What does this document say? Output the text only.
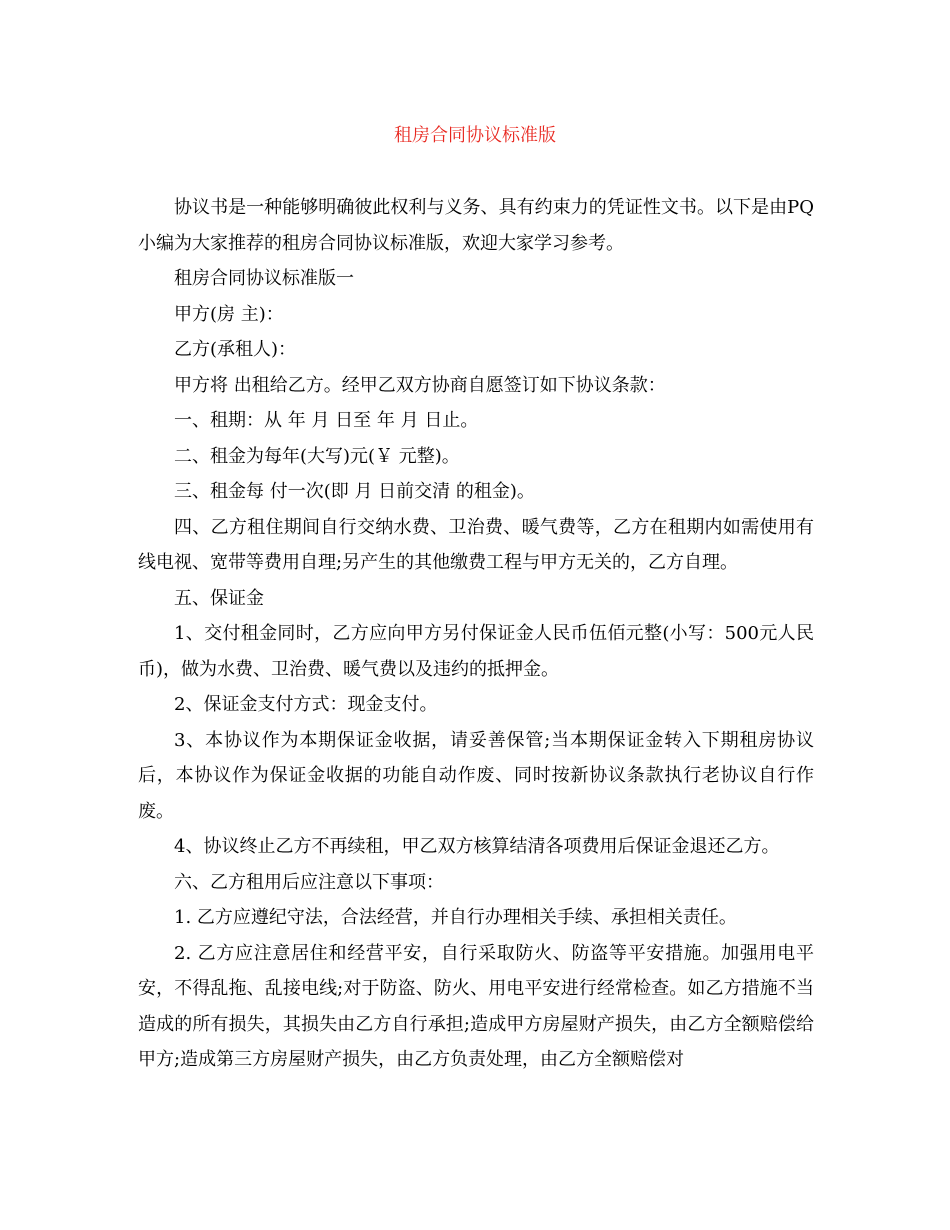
租房合同协议标准版

协议书是一种能够明确彼此权利与义务、具有约束力的凭证性文书。以下是由PQ小编为大家推荐的租房合同协议标准版，欢迎大家学习参考。

租房合同协议标准版一

甲方(房 主)：

乙方(承租人)：

甲方将 出租给乙方。经甲乙双方协商自愿签订如下协议条款：

一、租期：从 年 月 日至 年 月 日止。

二、租金为每年(大写)元(￥ 元整)。

三、租金每 付一次(即 月 日前交清 的租金)。

四、乙方租住期间自行交纳水费、卫治费、暖气费等，乙方在租期内如需使用有线电视、宽带等费用自理;另产生的其他缴费工程与甲方无关的，乙方自理。

五、保证金

1、交付租金同时，乙方应向甲方另付保证金人民币伍佰元整(小写：500元人民币)，做为水费、卫治费、暖气费以及违约的抵押金。

2、保证金支付方式：现金支付。

3、本协议作为本期保证金收据，请妥善保管;当本期保证金转入下期租房协议后，本协议作为保证金收据的功能自动作废、同时按新协议条款执行老协议自行作废。

4、协议终止乙方不再续租，甲乙双方核算结清各项费用后保证金退还乙方。

六、乙方租用后应注意以下事项：

1. 乙方应遵纪守法，合法经营，并自行办理相关手续、承担相关责任。

2. 乙方应注意居住和经营平安，自行采取防火、防盗等平安措施。加强用电平安，不得乱拖、乱接电线;对于防盗、防火、用电平安进行经常检查。如乙方措施不当造成的所有损失，其损失由乙方自行承担;造成甲方房屋财产损失，由乙方全额赔偿给甲方;造成第三方房屋财产损失，由乙方负责处理，由乙方全额赔偿对
